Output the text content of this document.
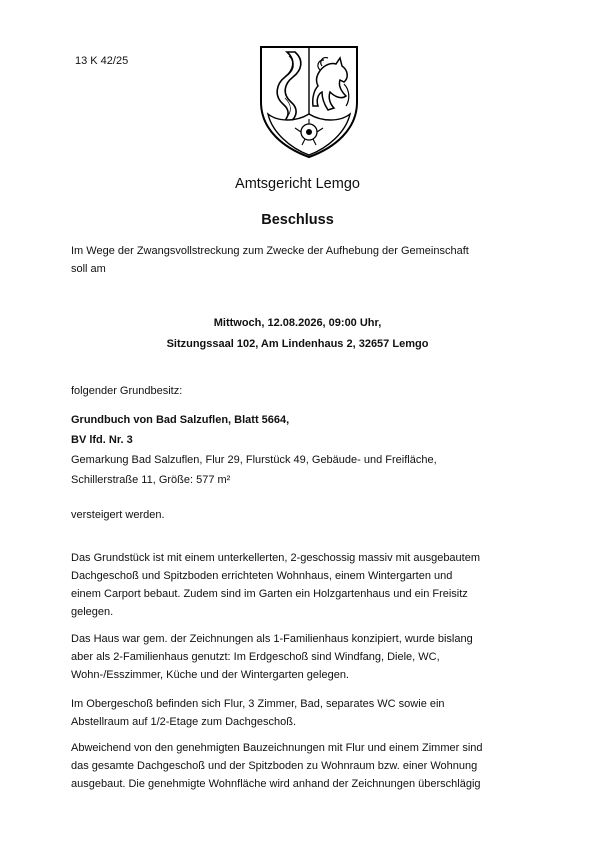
13 K 42/25
Amtsgericht Lemgo
Beschluss

Im Wege der Zwangsvollstreckung zum Zwecke der Aufhebung der Gemeinschaft

soll am

Mittwoch, 12.08.2026, 09:00 Uhr,

Sitzungssaal 102, Am Lindenhaus 2, 32657 Lemgo

folgender Grundbesitz:

Grundbuch von Bad Salzuflen, Blatt 5664,

BV lfd. Nr. 3

Gemarkung Bad Salzuflen, Flur 29, Flurstück 49, Gebäude- und Freifläche,

Schillerstraße 11, Größe: 577 m²

versteigert werden.

Das Grundstück ist mit einem unterkellerten, 2-geschossig massiv mit ausgebautem

Dachgeschoß und Spitzboden errichteten Wohnhaus, einem Wintergarten und

einem Carport bebaut. Zudem sind im Garten ein Holzgartenhaus und ein Freisitz

gelegen.

Das Haus war gem. der Zeichnungen als 1-Familienhaus konzipiert, wurde bislang

aber als 2-Familienhaus genutzt: Im Erdgeschoß sind Windfang, Diele, WC,

Wohn-/Esszimmer, Küche und der Wintergarten gelegen.

Im Obergeschoß befinden sich Flur, 3 Zimmer, Bad, separates WC sowie ein

Abstellraum auf 1/2-Etage zum Dachgeschoß.

Abweichend von den genehmigten Bauzeichnungen mit Flur und einem Zimmer sind

das gesamte Dachgeschoß und der Spitzboden zu Wohnraum bzw. einer Wohnung

ausgebaut. Die genehmigte Wohnfläche wird anhand der Zeichnungen überschlägig
